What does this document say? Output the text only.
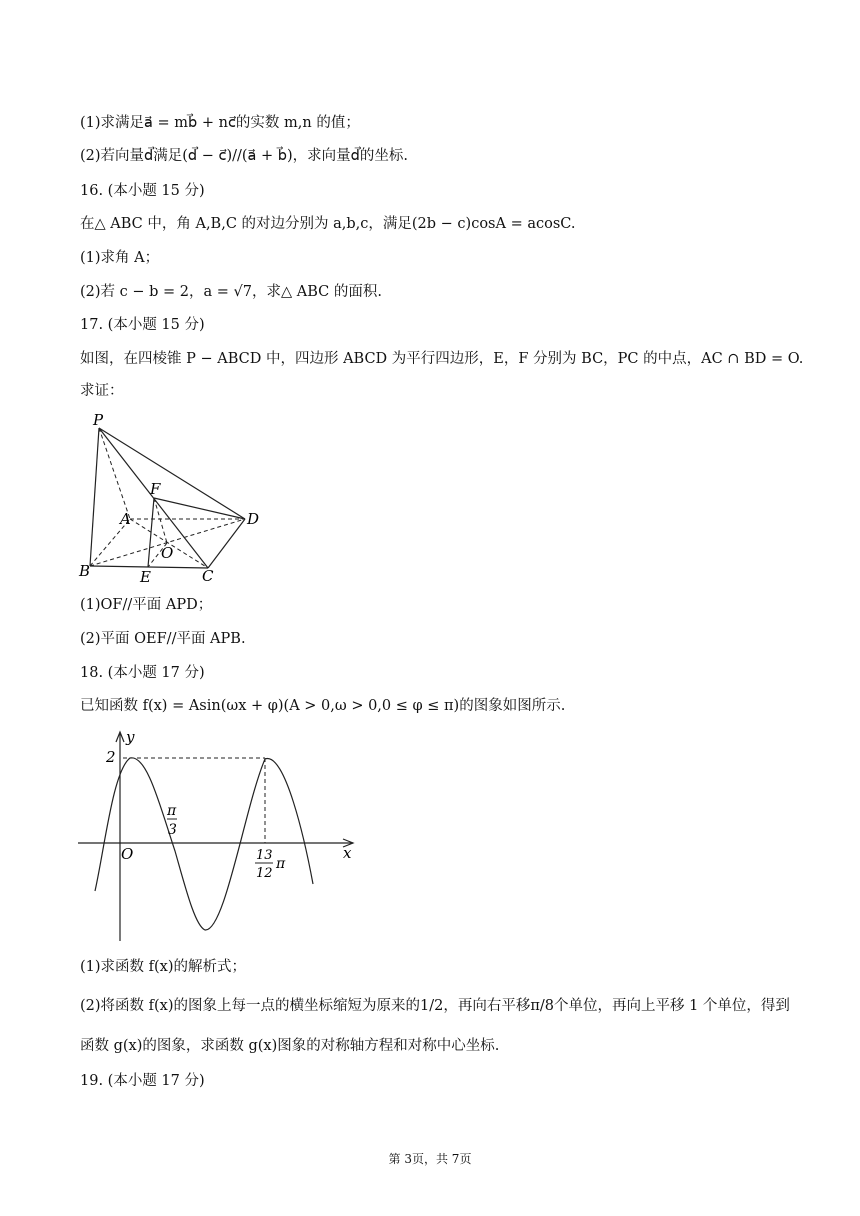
(1)求满足a⃗ = mb⃗ + nc⃗的实数 m,n 的值；
(2)若向量d⃗满足(d⃗ − c⃗)//(a⃗ + b⃗)，求向量d⃗的坐标.
16. (本小题 15 分)
在△ ABC 中，角 A,B,C 的对边分别为 a,b,c，满足(2b − c)cosA = acosC.
(1)求角 A；
(2)若 c − b = 2，a = √7，求△ ABC 的面积.
17. (本小题 15 分)
如图，在四棱锥 P − ABCD 中，四边形 ABCD 为平行四边形，E，F 分别为 BC，PC 的中点，AC ∩ BD = O.
求证：
P
A
B	C
D
E
F
O
(1)OF//平面 APD；
(2)平面 OEF//平面 APB.
18. (本小题 17 分)
已知函数 f(x) = Asin(ωx + φ)(A > 0,ω > 0,0 ≤ φ ≤ π)的图象如图所示.
y
x
O
2
π
3
13
12
π
(1)求函数 f(x)的解析式；
(2)将函数 f(x)的图象上每一点的横坐标缩短为原来的1/2，再向右平移π/8个单位，再向上平移 1 个单位，得到
函数 g(x)的图象，求函数 g(x)图象的对称轴方程和对称中心坐标.
19. (本小题 17 分)
第 3页，共 7页
